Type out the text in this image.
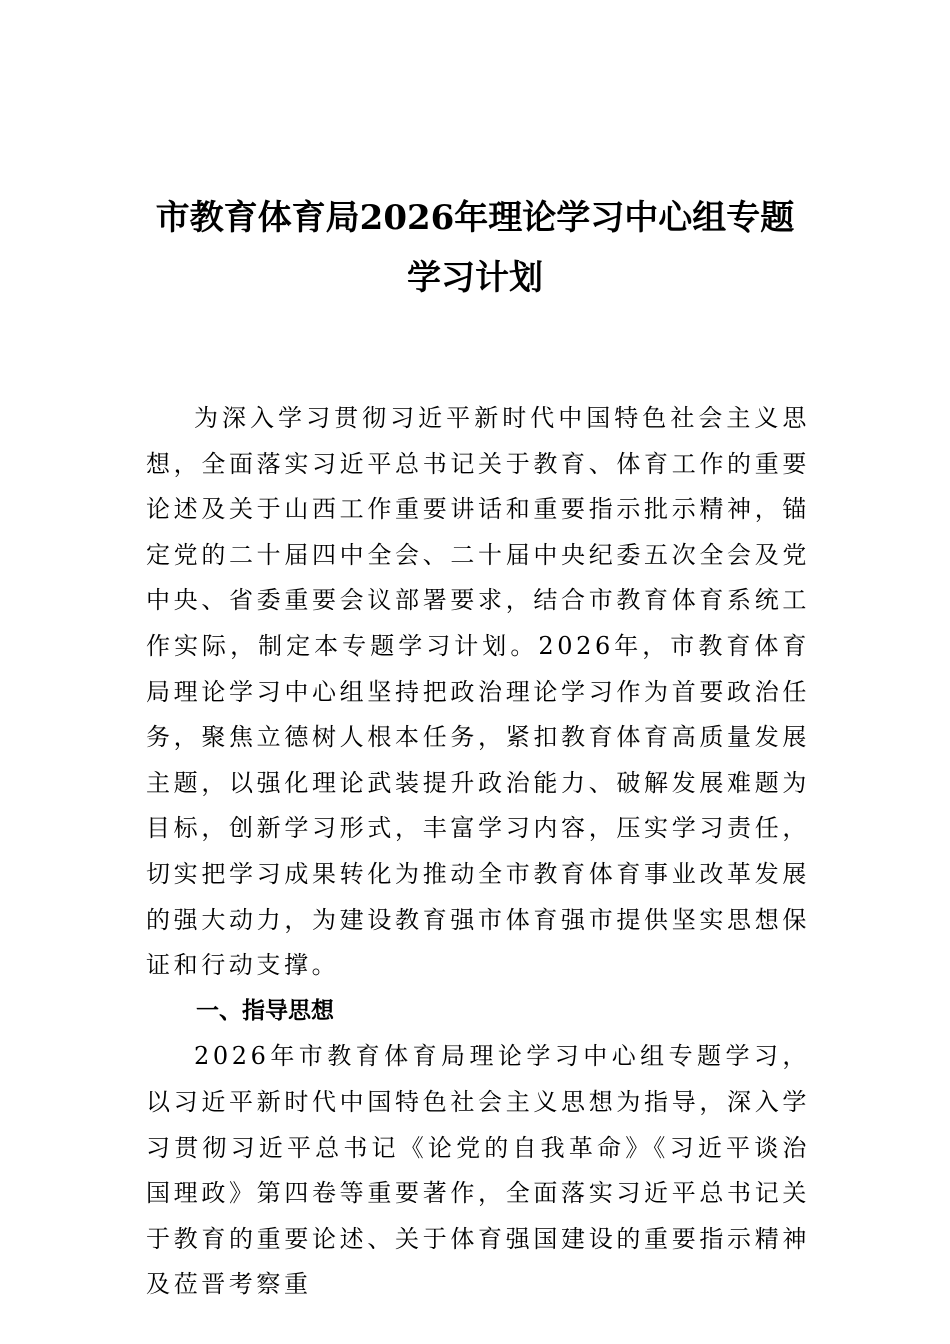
市教育体育局2026年理论学习中心组专题

学习计划

为深入学习贯彻习近平新时代中国特色社会主义思想，全面落实习近平总书记关于教育、体育工作的重要论述及关于山西工作重要讲话和重要指示批示精神，锚定党的二十届四中全会、二十届中央纪委五次全会及党中央、省委重要会议部署要求，结合市教育体育系统工作实际，制定本专题学习计划。2026年，市教育体育局理论学习中心组坚持把政治理论学习作为首要政治任务，聚焦立德树人根本任务，紧扣教育体育高质量发展主题，以强化理论武装提升政治能力、破解发展难题为目标，创新学习形式，丰富学习内容，压实学习责任，切实把学习成果转化为推动全市教育体育事业改革发展的强大动力，为建设教育强市体育强市提供坚实思想保证和行动支撑。

一、指导思想

2026年市教育体育局理论学习中心组专题学习，以习近平新时代中国特色社会主义思想为指导，深入学习贯彻习近平总书记《论党的自我革命》《习近平谈治国理政》第四卷等重要著作，全面落实习近平总书记关于教育的重要论述、关于体育强国建设的重要指示精神及莅晋考察重
